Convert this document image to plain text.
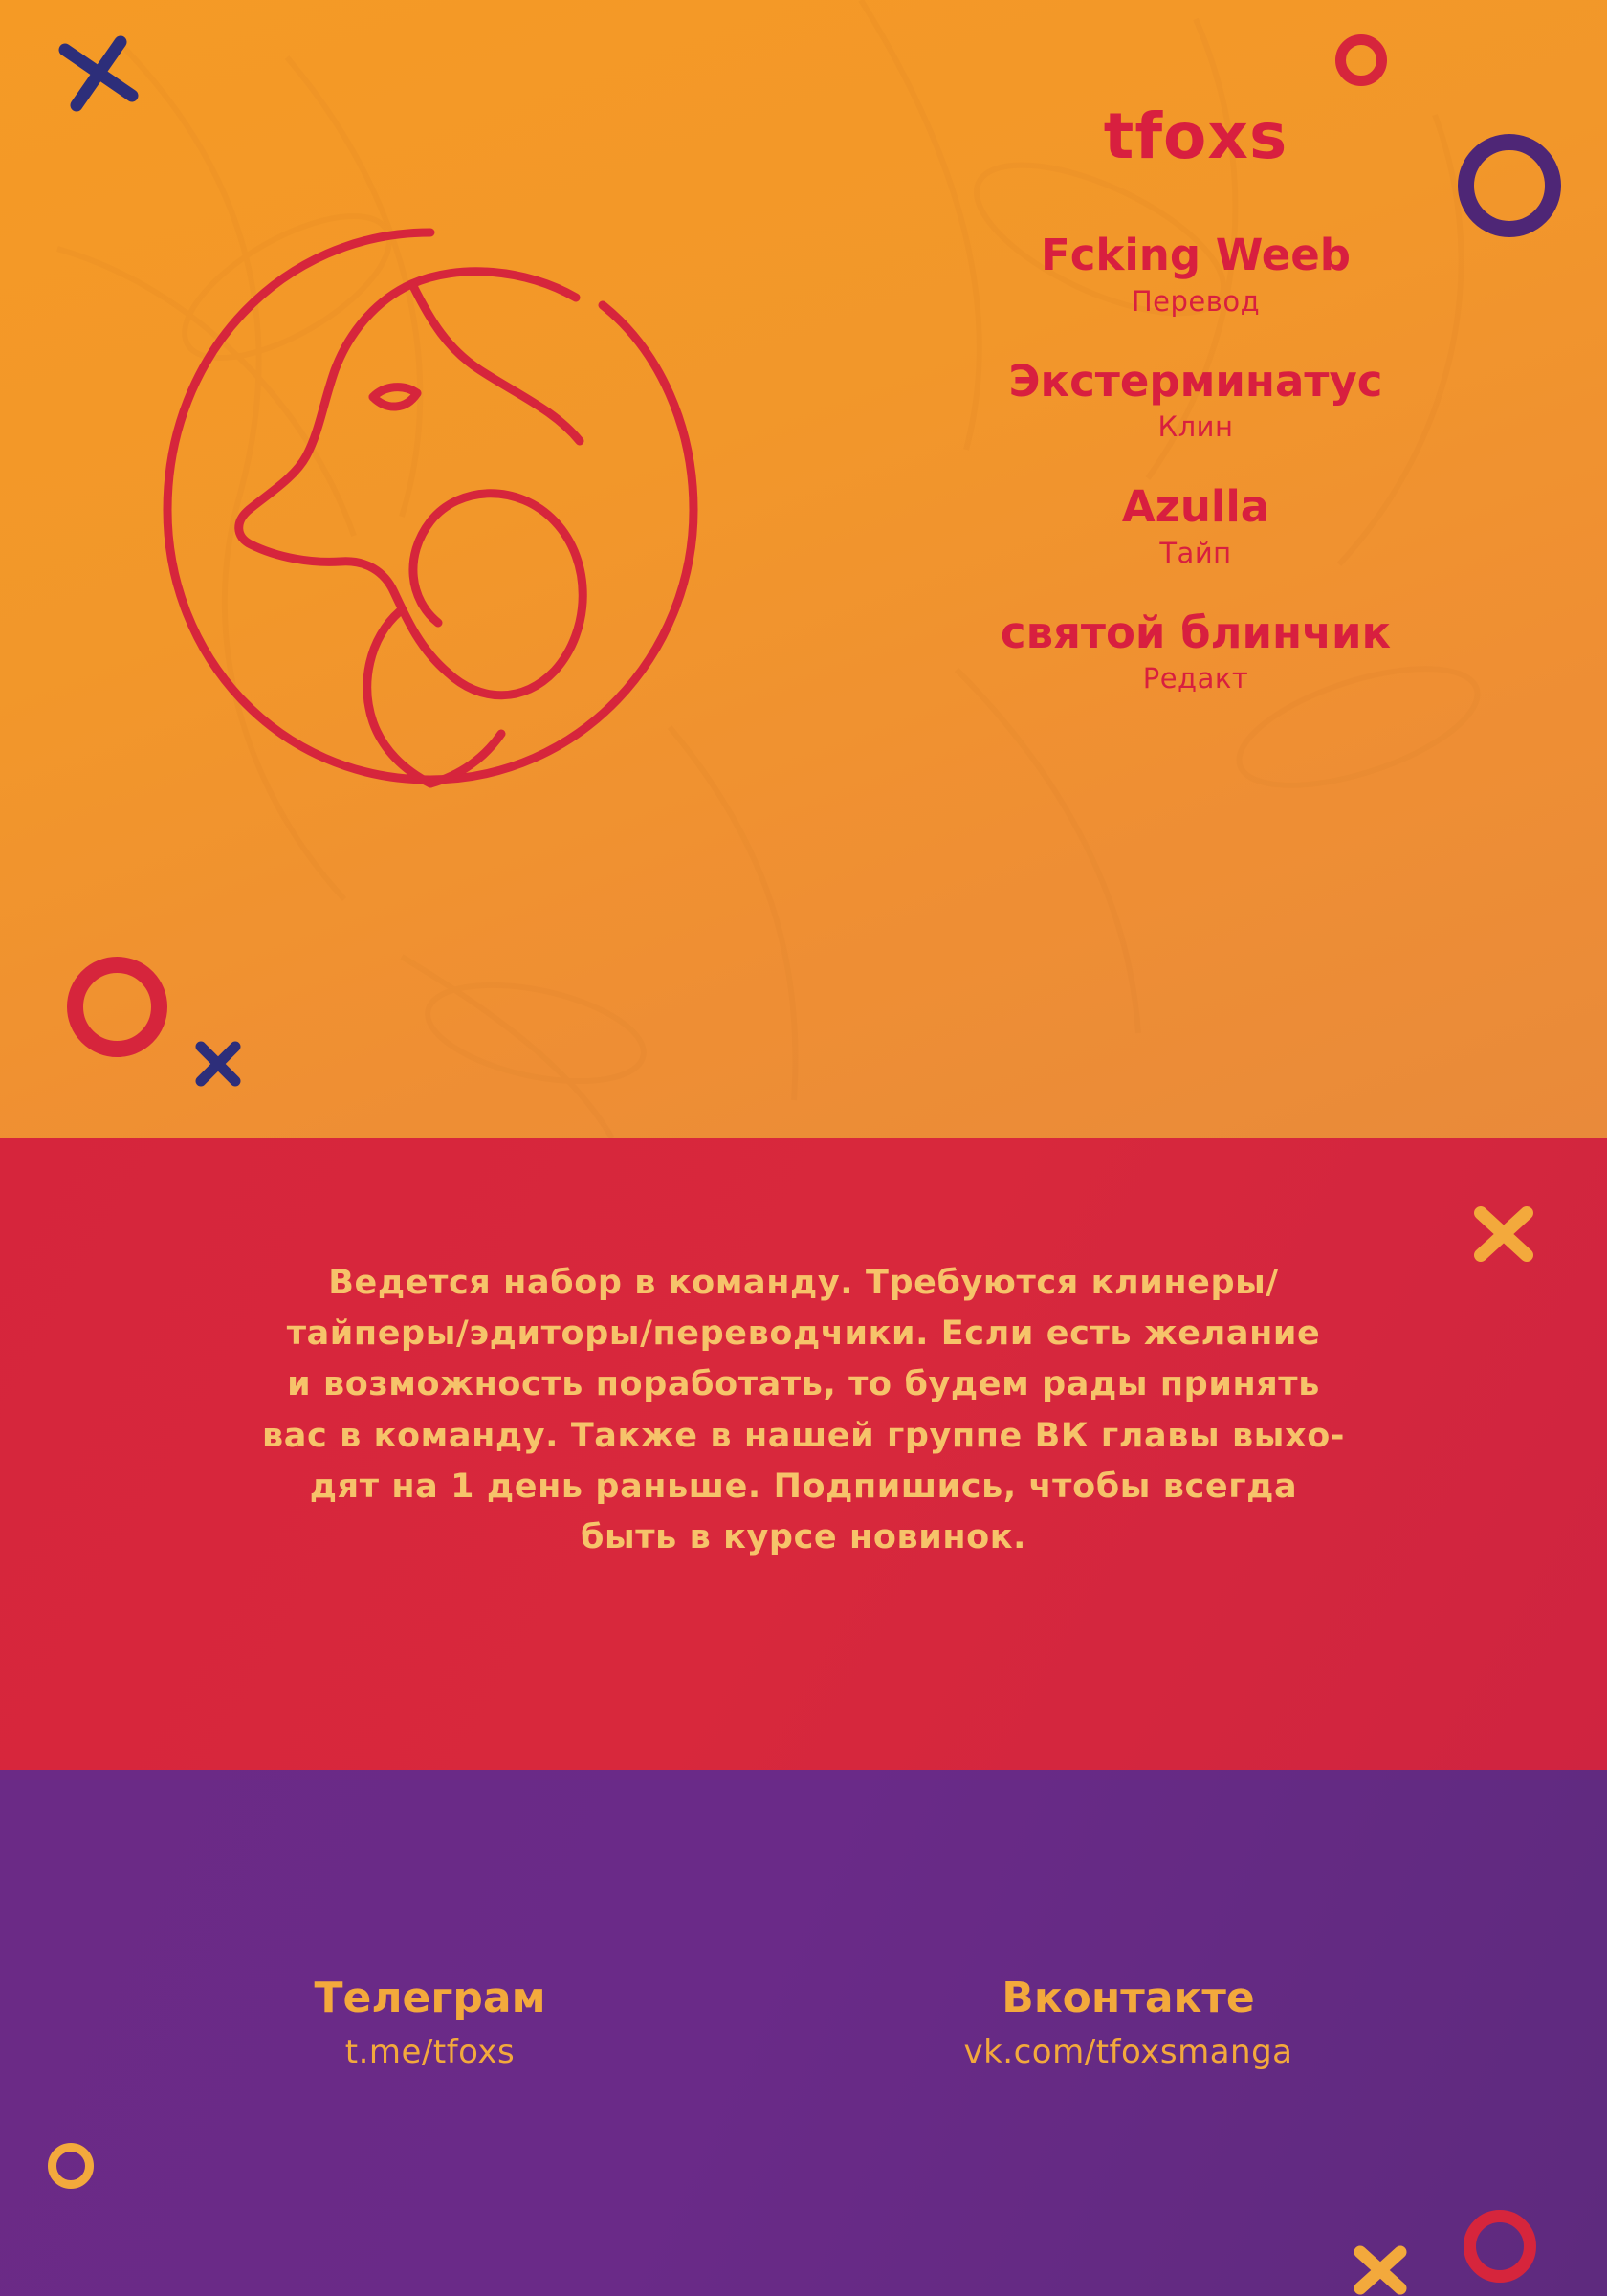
tfoxs
Fcking Weeb
Перевод
Экстерминатус
Клин
Azulla
Тайп
святой блинчик
Редакт
Ведется набор в команду. Требуются клинеры/
тайперы/эдиторы/переводчики. Если есть желание
и возможность поработать, то будем рады принять
вас в команду. Также в нашей группе ВК главы выхо-
дят на 1 день раньше. Подпишись, чтобы всегда
быть в курсе новинок.
Телеграм
t.me/tfoxs
Вконтакте
vk.com/tfoxsmanga
